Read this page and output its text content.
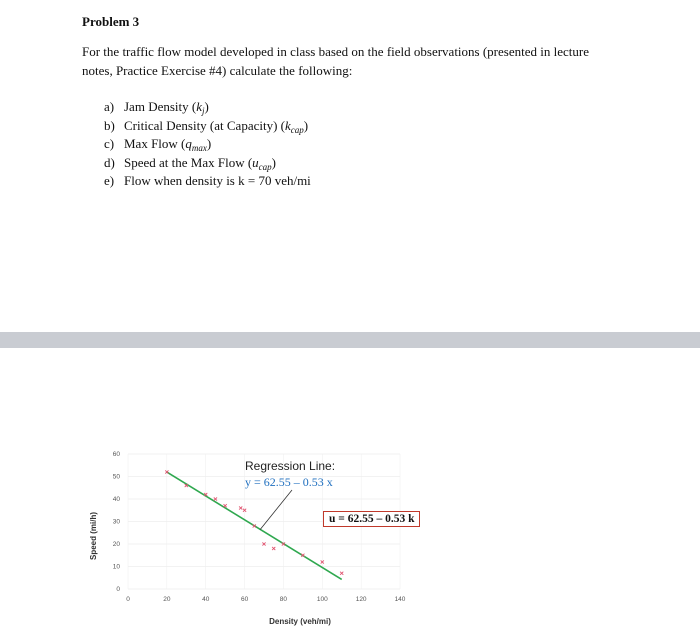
Problem 3
For the traffic flow model developed in class based on the field observations (presented in lecture notes, Practice Exercise #4) calculate the following:
a) Jam Density $(k_j)$
b) Critical Density (at Capacity) $(k_{cap})$
c) Max Flow $(q_{max})$
d) Speed at the Max Flow $(u_{cap})$
e) Flow when density is k = 70 veh/mi
0
10
20
30
40
50
60
0	20	40	60	80	100	120	140
Density (veh/mi)
Speed (mi/h)
Regression Line:
y = 62.55 – 0.53 x
u = 62.55 – 0.53 k
